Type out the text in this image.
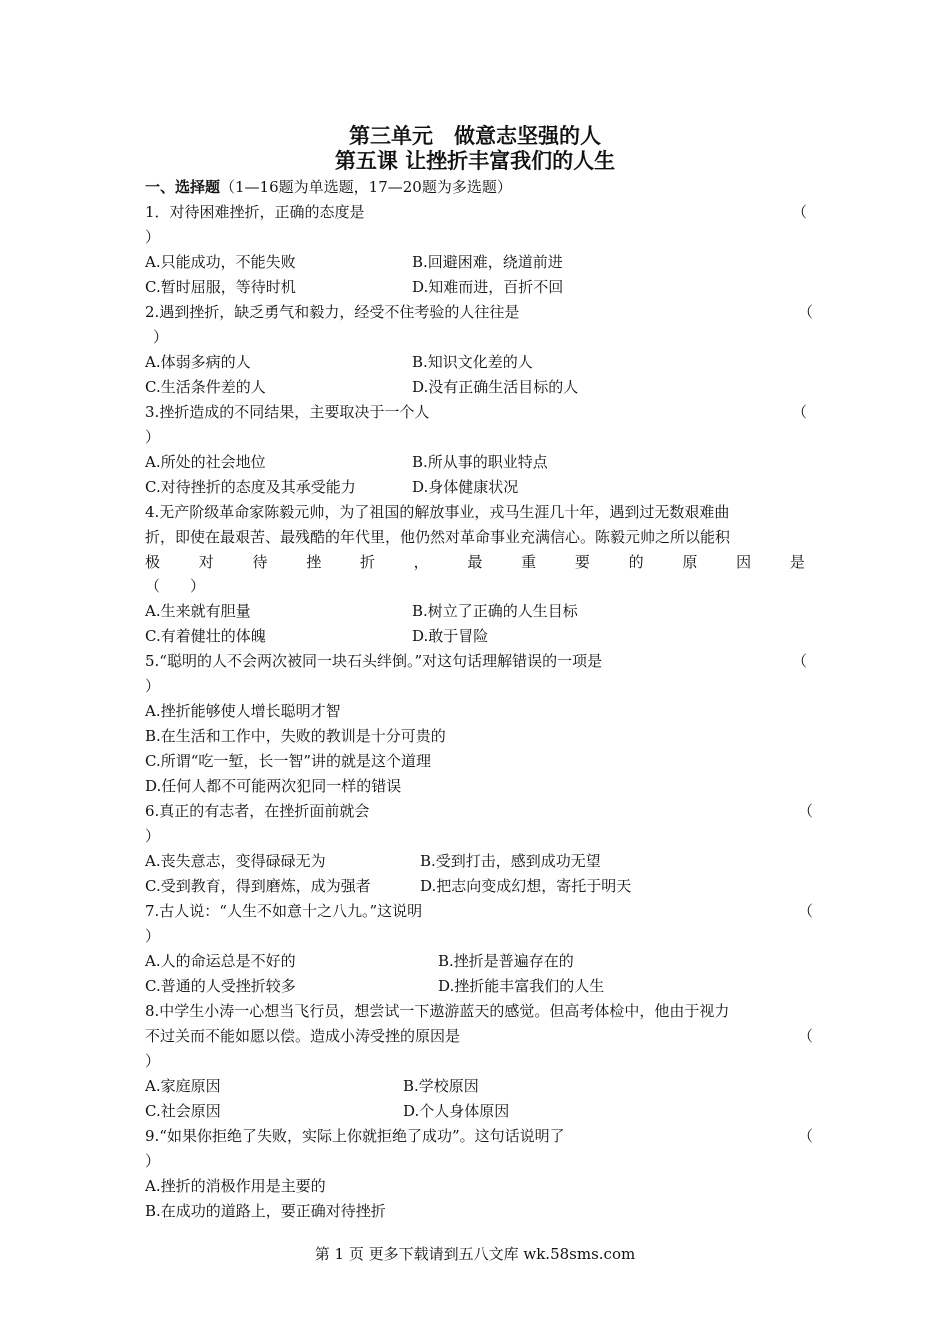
第三单元　做意志坚强的人
第五课 让挫折丰富我们的人生
一、选择题（1—16题为单选题，17—20题为多选题）
1．对待困难挫折，正确的态度是	（
）
A.只能成功，不能失败	B.回避困难，绕道前进
C.暂时屈服，等待时机	D.知难而进，百折不回
2.遇到挫折，缺乏勇气和毅力，经受不住考验的人往往是	（
）
A.体弱多病的人	B.知识文化差的人
C.生活条件差的人	D.没有正确生活目标的人
3.挫折造成的不同结果，主要取决于一个人	（
）
A.所处的社会地位	B.所从事的职业特点
C.对待挫折的态度及其承受能力	D.身体健康状况
4.无产阶级革命家陈毅元帅，为了祖国的解放事业，戎马生涯几十年，遇到过无数艰难曲
折，即使在最艰苦、最残酷的年代里，他仍然对革命事业充满信心。陈毅元帅之所以能积
极	对	待	挫	折	，	最	重	要	的	原	因	是
（　　）
A.生来就有胆量	B.树立了正确的人生目标
C.有着健壮的体魄	D.敢于冒险
5.“聪明的人不会两次被同一块石头绊倒。”对这句话理解错误的一项是	（
）
A.挫折能够使人增长聪明才智
B.在生活和工作中，失败的教训是十分可贵的
C.所谓“吃一堑，长一智”讲的就是这个道理
D.任何人都不可能两次犯同一样的错误
6.真正的有志者，在挫折面前就会	（
）
A.丧失意志，变得碌碌无为	B.受到打击，感到成功无望
C.受到教育，得到磨炼，成为强者	D.把志向变成幻想，寄托于明天
7.古人说：“人生不如意十之八九。”这说明	（
）
A.人的命运总是不好的	B.挫折是普遍存在的
C.普通的人受挫折较多	D.挫折能丰富我们的人生
8.中学生小涛一心想当飞行员，想尝试一下遨游蓝天的感觉。但高考体检中，他由于视力
不过关而不能如愿以偿。造成小涛受挫的原因是	（
）
A.家庭原因	B.学校原因
C.社会原因	D.个人身体原因
9.“如果你拒绝了失败，实际上你就拒绝了成功”。这句话说明了	（
）
A.挫折的消极作用是主要的
B.在成功的道路上，要正确对待挫折
第 1 页 更多下载请到五八文库 wk.58sms.com
